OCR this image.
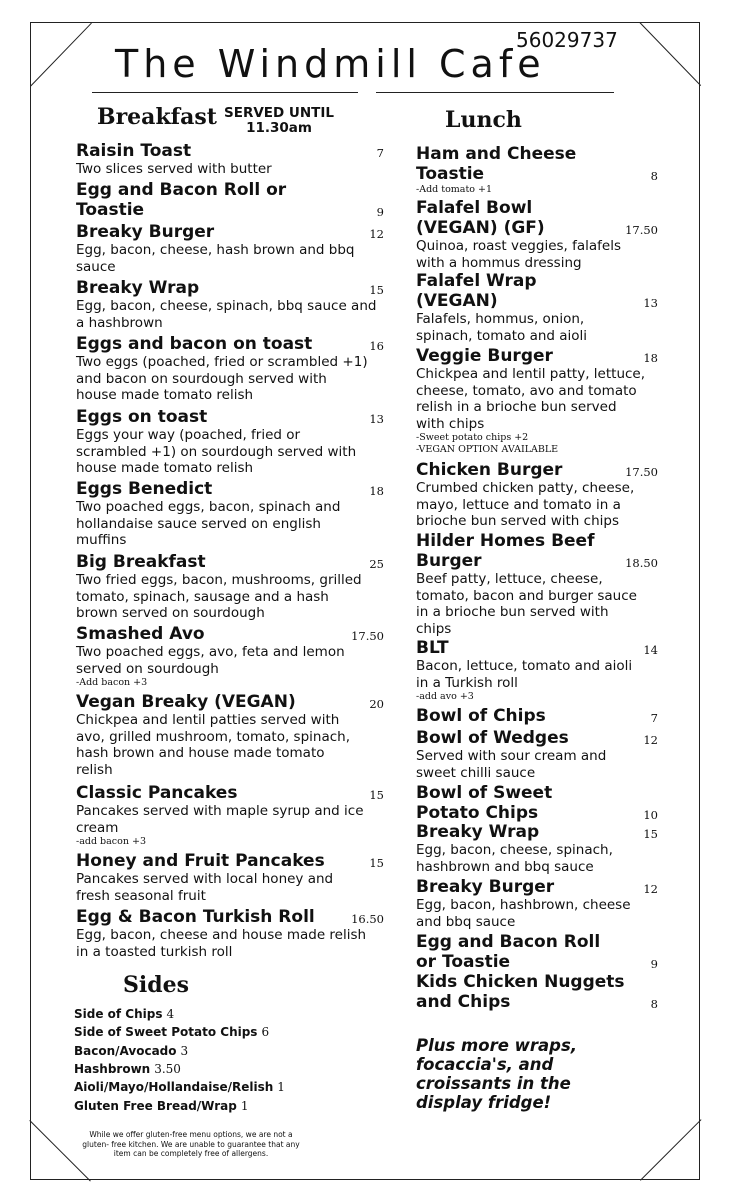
56029737
The Windmill Cafe
Breakfast SERVED UNTIL
11.30am	Lunch
Raisin Toast	7
Two slices served with butter
Egg and Bacon Roll or
Toastie	9
Breaky Burger	12
Egg, bacon, cheese, hash brown and bbq
sauce
Breaky Wrap	15
Egg, bacon, cheese, spinach, bbq sauce and
a hashbrown
Eggs and bacon on toast	16
Two eggs (poached, fried or scrambled +1)
and bacon on sourdough served with
house made tomato relish
Eggs on toast	13
Eggs your way (poached, fried or
scrambled +1) on sourdough served with
house made tomato relish
Eggs Benedict	18
Two poached eggs, bacon, spinach and
hollandaise sauce served on english
muffins
Big Breakfast	25
Two fried eggs, bacon, mushrooms, grilled
tomato, spinach, sausage and a hash
brown served on sourdough
Smashed Avo	17.50
Two poached eggs, avo, feta and lemon
served on sourdough
-Add bacon +3
Vegan Breaky (VEGAN)	20
Chickpea and lentil patties served with
avo, grilled mushroom, tomato, spinach,
hash brown and house made tomato
relish
Classic Pancakes	15
Pancakes served with maple syrup and ice
cream
-add bacon +3
Honey and Fruit Pancakes	15
Pancakes served with local honey and
fresh seasonal fruit
Egg & Bacon Turkish Roll	16.50
Egg, bacon, cheese and house made relish
in a toasted turkish roll
Ham and Cheese
Toastie	8
-Add tomato +1
Falafel Bowl
(VEGAN) (GF)	17.50
Quinoa, roast veggies, falafels
with a hommus dressing
Falafel Wrap
(VEGAN)	13
Falafels, hommus, onion,
spinach, tomato and aioli
Veggie Burger	18
Chickpea and lentil patty, lettuce,
cheese, tomato, avo and tomato
relish in a brioche bun served
with chips
-Sweet potato chips +2
-VEGAN OPTION AVAILABLE
Chicken Burger	17.50
Crumbed chicken patty, cheese,
mayo, lettuce and tomato in a
brioche bun served with chips
Hilder Homes Beef
Burger	18.50
Beef patty, lettuce, cheese,
tomato, bacon and burger sauce
in a brioche bun served with
chips
BLT	14
Bacon, lettuce, tomato and aioli
in a Turkish roll
-add avo +3
Bowl of Chips	7
Bowl of Wedges	12
Served with sour cream and
sweet chilli sauce
Bowl of Sweet
Potato Chips	10
Breaky Wrap	15
Egg, bacon, cheese, spinach,
hashbrown and bbq sauce
Breaky Burger	12
Egg, bacon, hashbrown, cheese
and bbq sauce
Egg and Bacon Roll
or Toastie	9
Kids Chicken Nuggets
and Chips	8
Sides
Side of Chips 4
Side of Sweet Potato Chips 6
Bacon/Avocado 3
Hashbrown 3.50
Aioli/Mayo/Hollandaise/Relish 1
Gluten Free Bread/Wrap 1
Plus more wraps,
focaccia's, and
croissants in the
display fridge!
While we offer gluten-free menu options, we are not a
gluten- free kitchen. We are unable to guarantee that any
item can be completely free of allergens.
